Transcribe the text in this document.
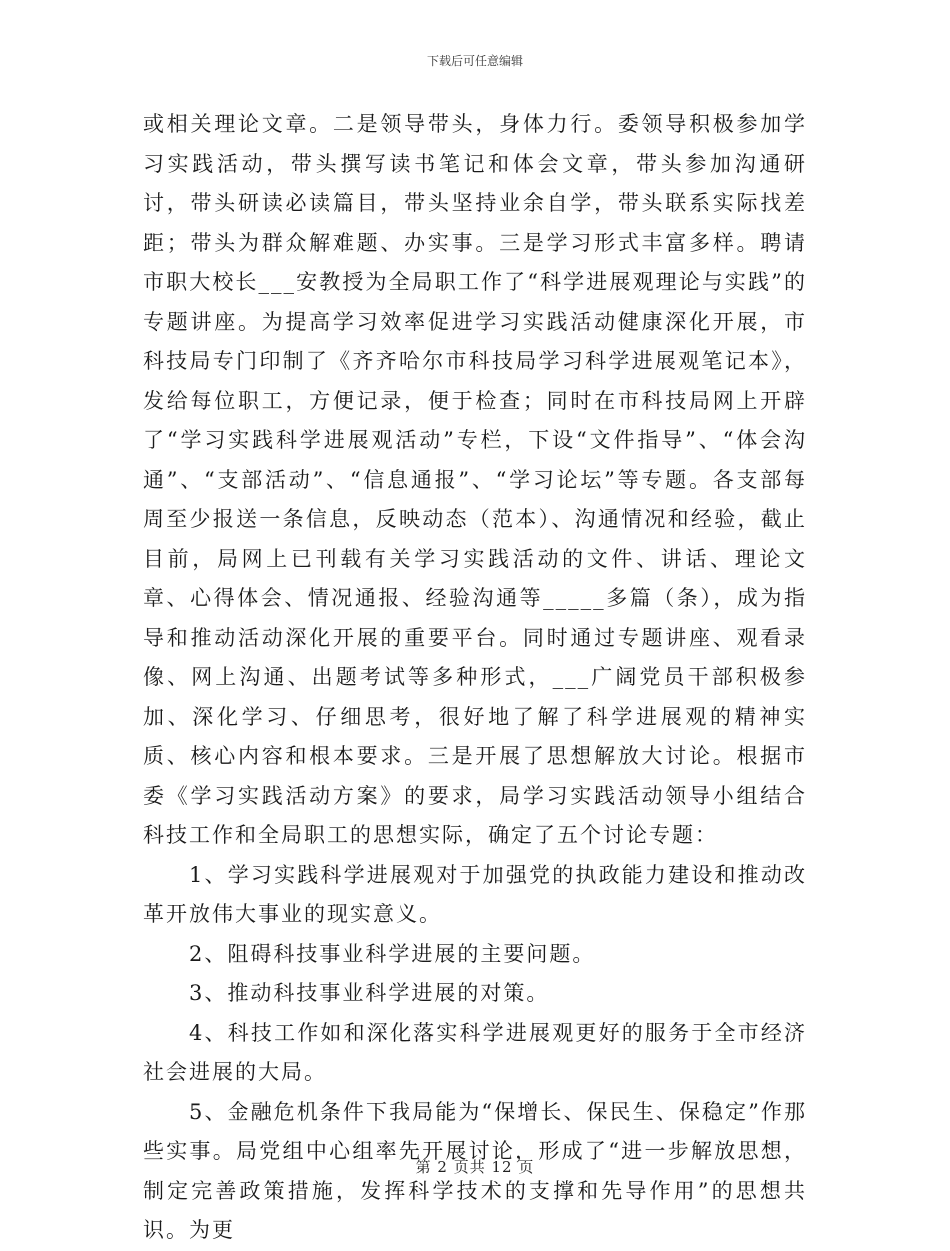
下载后可任意编辑

或相关理论文章。二是领导带头，身体力行。委领导积极参加学习实践活动，带头撰写读书笔记和体会文章，带头参加沟通研讨，带头研读必读篇目，带头坚持业余自学，带头联系实际找差距；带头为群众解难题、办实事。三是学习形式丰富多样。聘请市职大校长___安教授为全局职工作了“科学进展观理论与实践”的专题讲座。为提高学习效率促进学习实践活动健康深化开展，市科技局专门印制了《齐齐哈尔市科技局学习科学进展观笔记本》，发给每位职工，方便记录，便于检查；同时在市科技局网上开辟了“学习实践科学进展观活动”专栏，下设“文件指导”、“体会沟通”、“支部活动”、“信息通报”、“学习论坛”等专题。各支部每周至少报送一条信息，反映动态（范本）、沟通情况和经验，截止目前，局网上已刊载有关学习实践活动的文件、讲话、理论文章、心得体会、情况通报、经验沟通等_____多篇（条），成为指导和推动活动深化开展的重要平台。同时通过专题讲座、观看录像、网上沟通、出题考试等多种形式，___广阔党员干部积极参加、深化学习、仔细思考，很好地了解了科学进展观的精神实质、核心内容和根本要求。三是开展了思想解放大讨论。根据市委《学习实践活动方案》的要求，局学习实践活动领导小组结合科技工作和全局职工的思想实际，确定了五个讨论专题：

1、学习实践科学进展观对于加强党的执政能力建设和推动改革开放伟大事业的现实意义。

2、阻碍科技事业科学进展的主要问题。

3、推动科技事业科学进展的对策。

4、科技工作如和深化落实科学进展观更好的服务于全市经济社会进展的大局。

5、金融危机条件下我局能为“保增长、保民生、保稳定”作那些实事。局党组中心组率先开展讨论，形成了“进一步解放思想，制定完善政策措施，发挥科学技术的支撑和先导作用”的思想共识。为更

第 2 页共 12 页
